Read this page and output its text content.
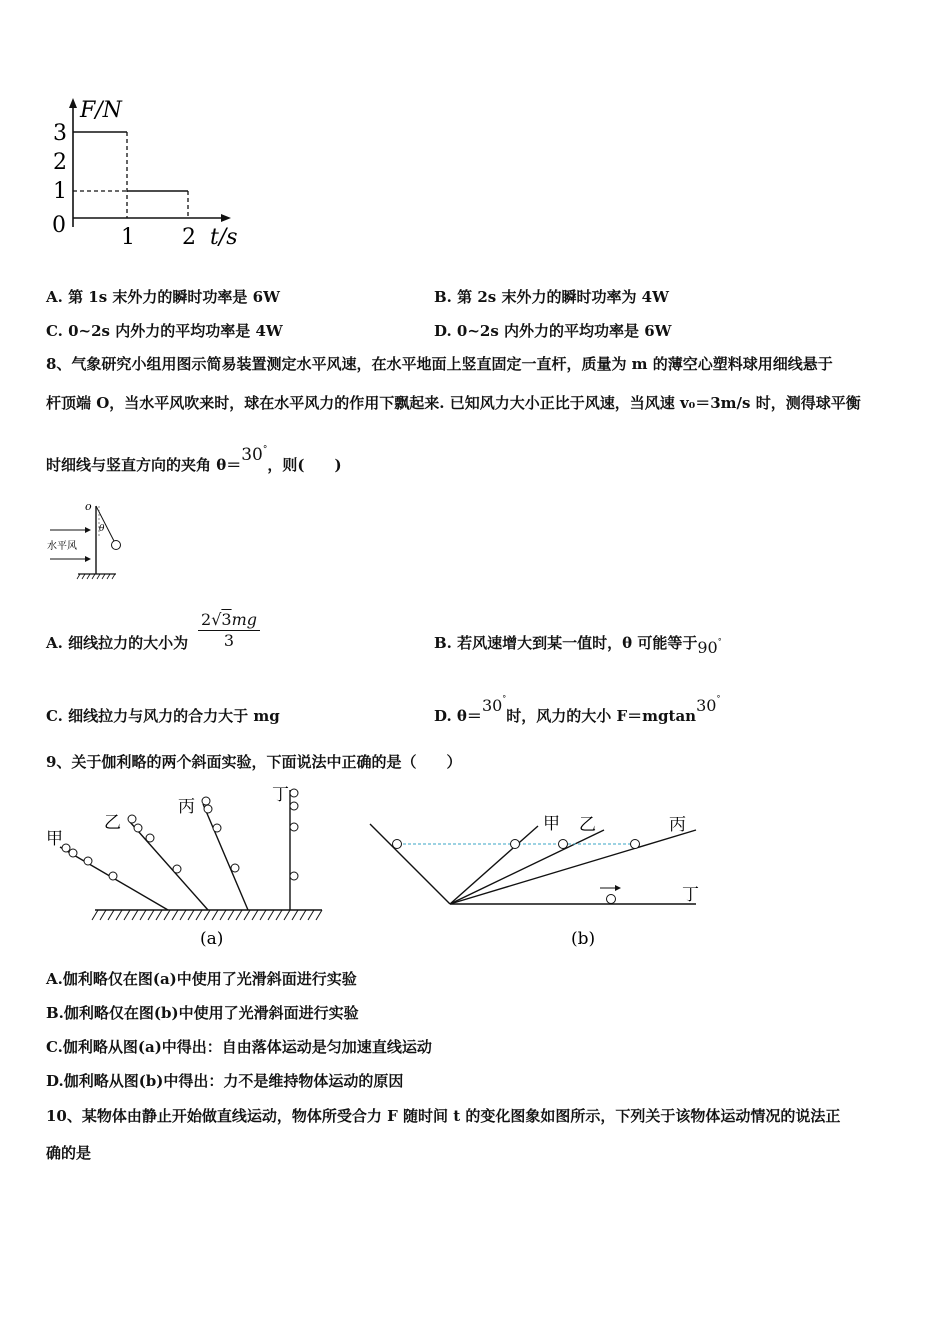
F/N
t/s
0
3
2
1
1 2
A. 第 1s 末外力的瞬时功率是 6W	B. 第 2s 末外力的瞬时功率为 4W
C. 0~2s 内外力的平均功率是 4W	D. 0~2s 内外力的平均功率是 6W
8、气象研究小组用图示简易装置测定水平风速，在水平地面上竖直固定一直杆，质量为 m 的薄空心塑料球用细线悬于
杆顶端 O，当水平风吹来时，球在水平风力的作用下飘起来. 已知风力大小正比于风速，当风速 v₀＝3m/s 时，测得球平衡
时细线与竖直方向的夹角 θ＝30°，则(　　)
o
θ
水平风
A. 细线拉力的大小为 $\frac{2√3mg}{3}$	B. 若风速增大到某一值时，θ 可能等于90°
C. 细线拉力与风力的合力大于 mg	D. θ＝30°时，风力的大小 F＝mgtan30°
9、关于伽利略的两个斜面实验，下面说法中正确的是（　　）
甲
乙
丙
丁
(a)
甲 乙	丙
丁
(b)
A.伽利略仅在图(a)中使用了光滑斜面进行实验
B.伽利略仅在图(b)中使用了光滑斜面进行实验
C.伽利略从图(a)中得出：自由落体运动是匀加速直线运动
D.伽利略从图(b)中得出：力不是维持物体运动的原因
10、某物体由静止开始做直线运动，物体所受合力 F 随时间 t 的变化图象如图所示，下列关于该物体运动情况的说法正
确的是
